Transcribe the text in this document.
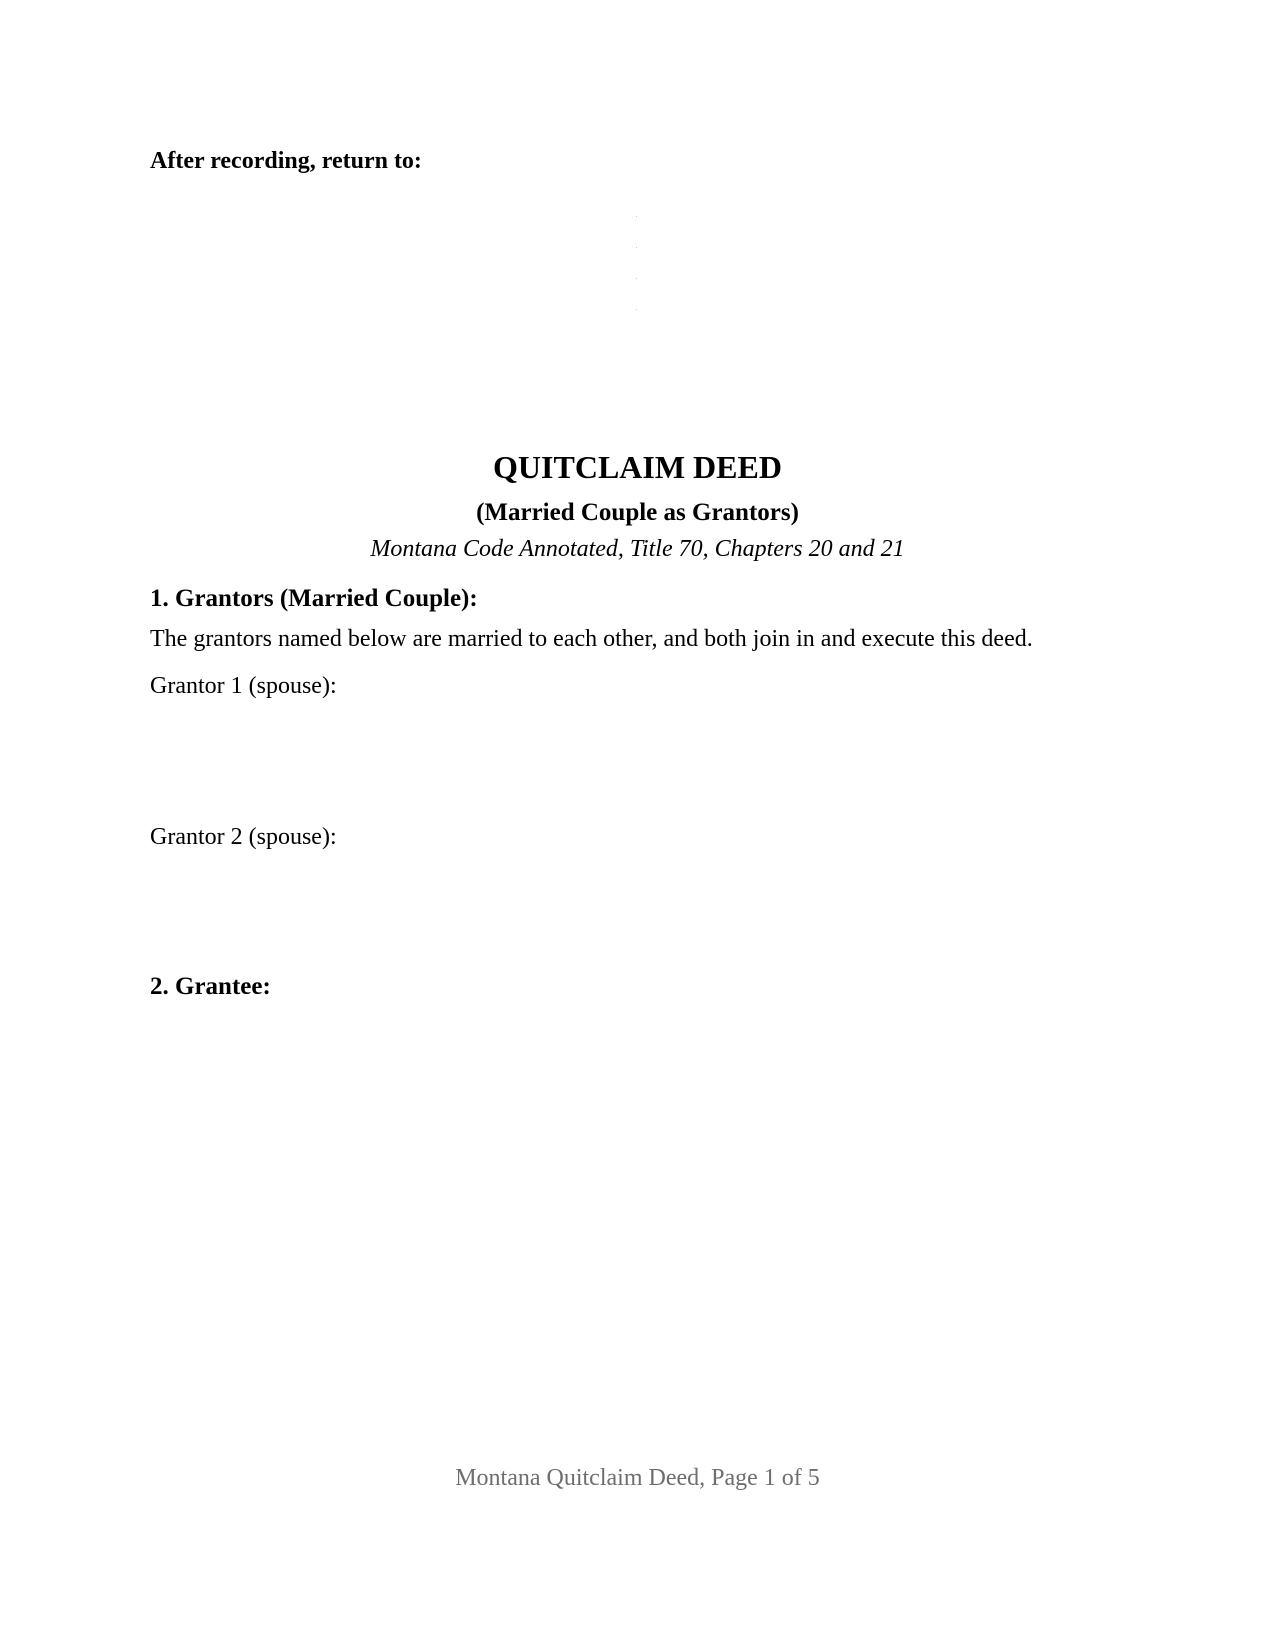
After recording, return to:

QUITCLAIM DEED
(Married Couple as Grantors)
Montana Code Annotated, Title 70, Chapters 20 and 21

1. Grantors (Married Couple):

The grantors named below are married to each other, and both join in and execute this deed.

Grantor 1 (spouse):

Grantor 2 (spouse):

2. Grantee:

Montana Quitclaim Deed, Page 1 of 5
